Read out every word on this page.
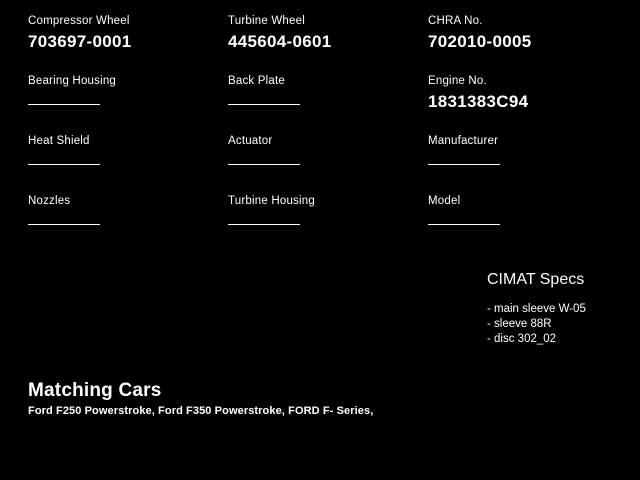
Compressor Wheel
703697-0001
Bearing Housing
Heat Shield
Nozzles
Turbine Wheel
445604-0601
Back Plate
Actuator
Turbine Housing
CHRA No.
702010-0005
Engine No.
1831383C94
Manufacturer
Model
CIMAT Specs
- main sleeve W-05
- sleeve 88R
- disc 302_02
Matching Cars
Ford F250 Powerstroke, Ford F350 Powerstroke, FORD F- Series,
